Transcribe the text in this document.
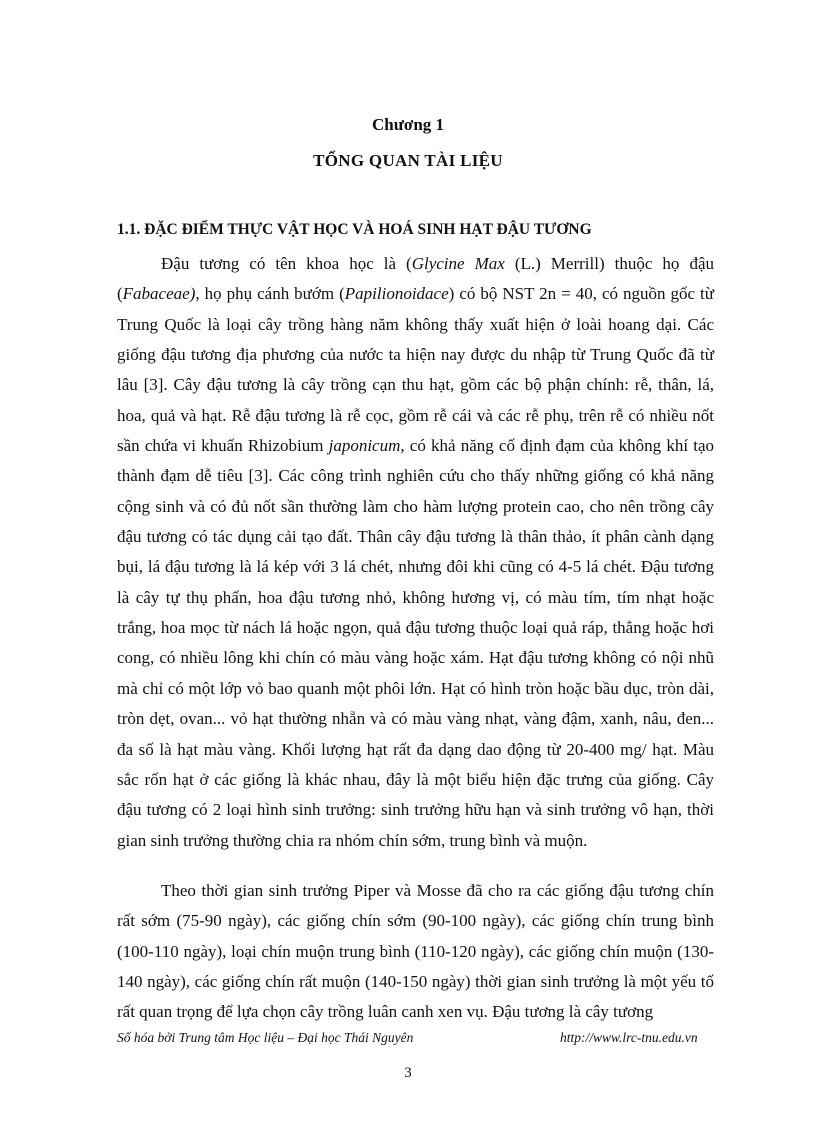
Chương 1
TỔNG QUAN TÀI LIỆU
1.1. ĐẶC ĐIỂM THỰC VẬT HỌC VÀ HOÁ SINH HẠT ĐẬU TƯƠNG

Đậu tương có tên khoa học là (Glycine Max (L.) Merrill) thuộc họ đậu (Fabaceae), họ phụ cánh bướm (Papilionoidace) có bộ NST 2n = 40, có nguồn gốc từ Trung Quốc là loại cây trồng hàng năm không thấy xuất hiện ở loài hoang dại. Các giống đậu tương địa phương của nước ta hiện nay được du nhập từ Trung Quốc đã từ lâu [3]. Cây đậu tương là cây trồng cạn thu hạt, gồm các bộ phận chính: rễ, thân, lá, hoa, quả và hạt. Rễ đậu tương là rễ cọc, gồm rễ cái và các rễ phụ, trên rễ có nhiều nốt sần chứa vi khuẩn Rhizobium japonicum, có khả năng cố định đạm của không khí tạo thành đạm dễ tiêu [3]. Các công trình nghiên cứu cho thấy những giống có khả năng cộng sinh và có đủ nốt sần thường làm cho hàm lượng protein cao, cho nên trồng cây đậu tương có tác dụng cải tạo đất. Thân cây đậu tương là thân thảo, ít phân cành dạng bụi, lá đậu tương là lá kép với 3 lá chét, nhưng đôi khi cũng có 4-5 lá chét. Đậu tương là cây tự thụ phấn, hoa đậu tương nhỏ, không hương vị, có màu tím, tím nhạt hoặc trắng, hoa mọc từ nách lá hoặc ngọn, quả đậu tương thuộc loại quả ráp, thẳng hoặc hơi cong, có nhiều lông khi chín có màu vàng hoặc xám. Hạt đậu tương không có nội nhũ mà chỉ có một lớp vỏ bao quanh một phôi lớn. Hạt có hình tròn hoặc bầu dục, tròn dài, tròn dẹt, ovan... vỏ hạt thường nhẵn và có màu vàng nhạt, vàng đậm, xanh, nâu, đen... đa số là hạt màu vàng. Khối lượng hạt rất đa dạng dao động từ 20-400 mg/ hạt. Màu sắc rốn hạt ở các giống là khác nhau, đây là một biểu hiện đặc trưng của giống. Cây đậu tương có 2 loại hình sinh trưởng: sinh trưởng hữu hạn và sinh trưởng vô hạn, thời gian sinh trưởng thường chia ra nhóm chín sớm, trung bình và muộn.

Theo thời gian sinh trưởng Piper và Mosse đã cho ra các giống đậu tương chín rất sớm (75-90 ngày), các giống chín sớm (90-100 ngày), các giống chín trung bình (100-110 ngày), loại chín muộn trung bình (110-120 ngày), các giống chín muộn (130-140 ngày), các giống chín rất muộn (140-150 ngày) thời gian sinh trưởng là một yếu tố rất quan trọng để lựa chọn cây trồng luân canh xen vụ. Đậu tương là cây tương

Số hóa bởi Trung tâm Học liệu – Đại học Thái Nguyên	http://www.lrc-tnu.edu.vn
3
